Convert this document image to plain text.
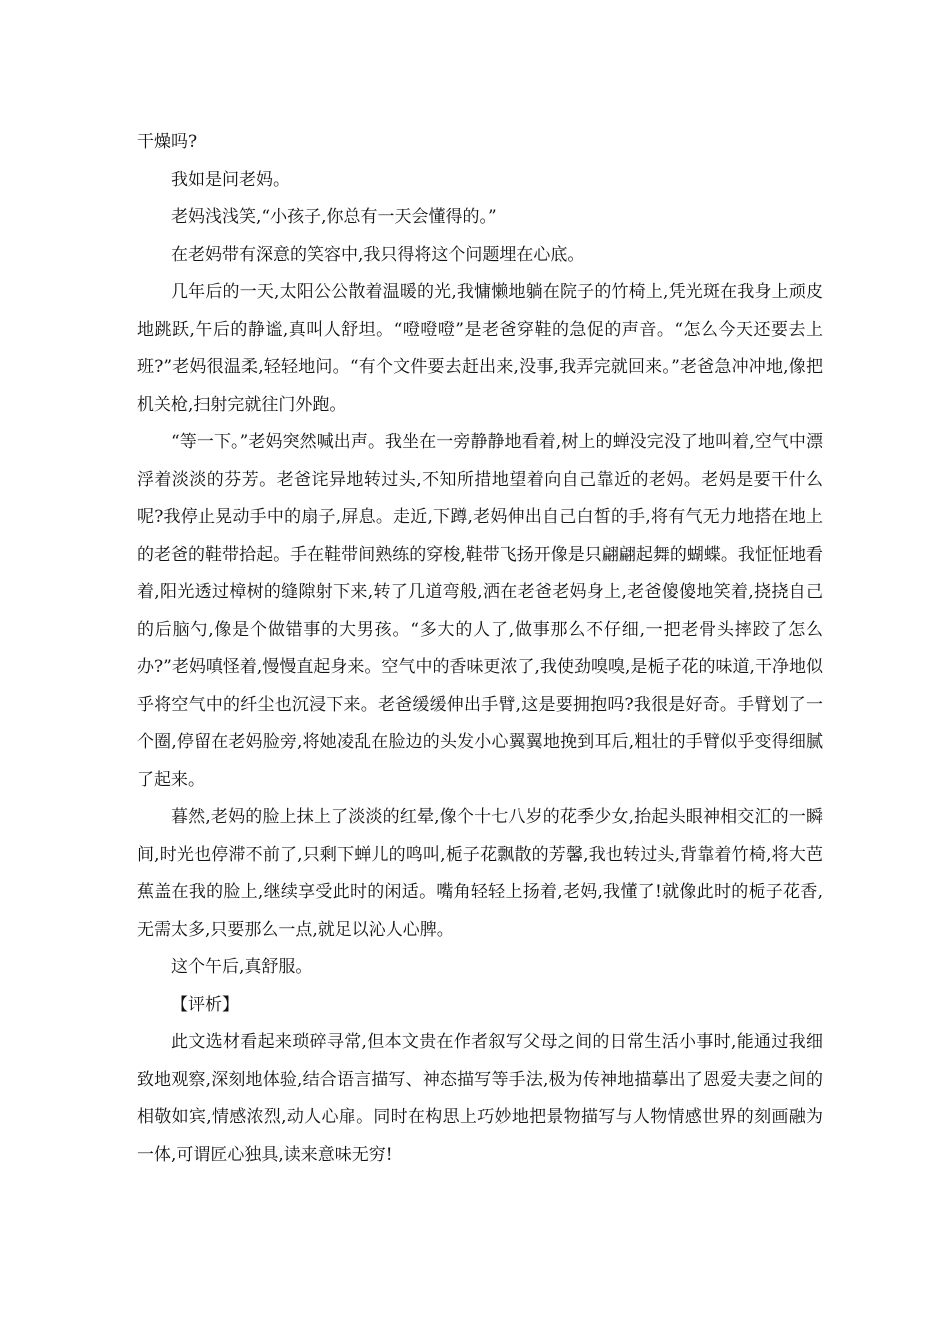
干燥吗?

我如是问老妈。

老妈浅浅笑,“小孩子,你总有一天会懂得的。”

在老妈带有深意的笑容中,我只得将这个问题埋在心底。

几年后的一天,太阳公公散着温暖的光,我慵懒地躺在院子的竹椅上,凭光斑在我身上顽皮地跳跃,午后的静谧,真叫人舒坦。“噔噔噔”是老爸穿鞋的急促的声音。“怎么今天还要去上班?”老妈很温柔,轻轻地问。“有个文件要去赶出来,没事,我弄完就回来。”老爸急冲冲地,像把机关枪,扫射完就往门外跑。

“等一下。”老妈突然喊出声。我坐在一旁静静地看着,树上的蝉没完没了地叫着,空气中漂浮着淡淡的芬芳。老爸诧异地转过头,不知所措地望着向自己靠近的老妈。老妈是要干什么呢?我停止晃动手中的扇子,屏息。走近,下蹲,老妈伸出自己白皙的手,将有气无力地搭在地上的老爸的鞋带拾起。手在鞋带间熟练的穿梭,鞋带飞扬开像是只翩翩起舞的蝴蝶。我怔怔地看着,阳光透过樟树的缝隙射下来,转了几道弯般,洒在老爸老妈身上,老爸傻傻地笑着,挠挠自己的后脑勺,像是个做错事的大男孩。“多大的人了,做事那么不仔细,一把老骨头摔跤了怎么办?”老妈嗔怪着,慢慢直起身来。空气中的香味更浓了,我使劲嗅嗅,是栀子花的味道,干净地似乎将空气中的纤尘也沉浸下来。老爸缓缓伸出手臂,这是要拥抱吗?我很是好奇。手臂划了一个圈,停留在老妈脸旁,将她凌乱在脸边的头发小心翼翼地挽到耳后,粗壮的手臂似乎变得细腻了起来。

暮然,老妈的脸上抹上了淡淡的红晕,像个十七八岁的花季少女,抬起头眼神相交汇的一瞬间,时光也停滞不前了,只剩下蝉儿的鸣叫,栀子花飘散的芳馨,我也转过头,背靠着竹椅,将大芭蕉盖在我的脸上,继续享受此时的闲适。嘴角轻轻上扬着,老妈,我懂了!就像此时的栀子花香,无需太多,只要那么一点,就足以沁人心脾。

这个午后,真舒服。

【评析】

此文选材看起来琐碎寻常,但本文贵在作者叙写父母之间的日常生活小事时,能通过我细致地观察,深刻地体验,结合语言描写、神态描写等手法,极为传神地描摹出了恩爱夫妻之间的相敬如宾,情感浓烈,动人心扉。同时在构思上巧妙地把景物描写与人物情感世界的刻画融为一体,可谓匠心独具,读来意味无穷!
